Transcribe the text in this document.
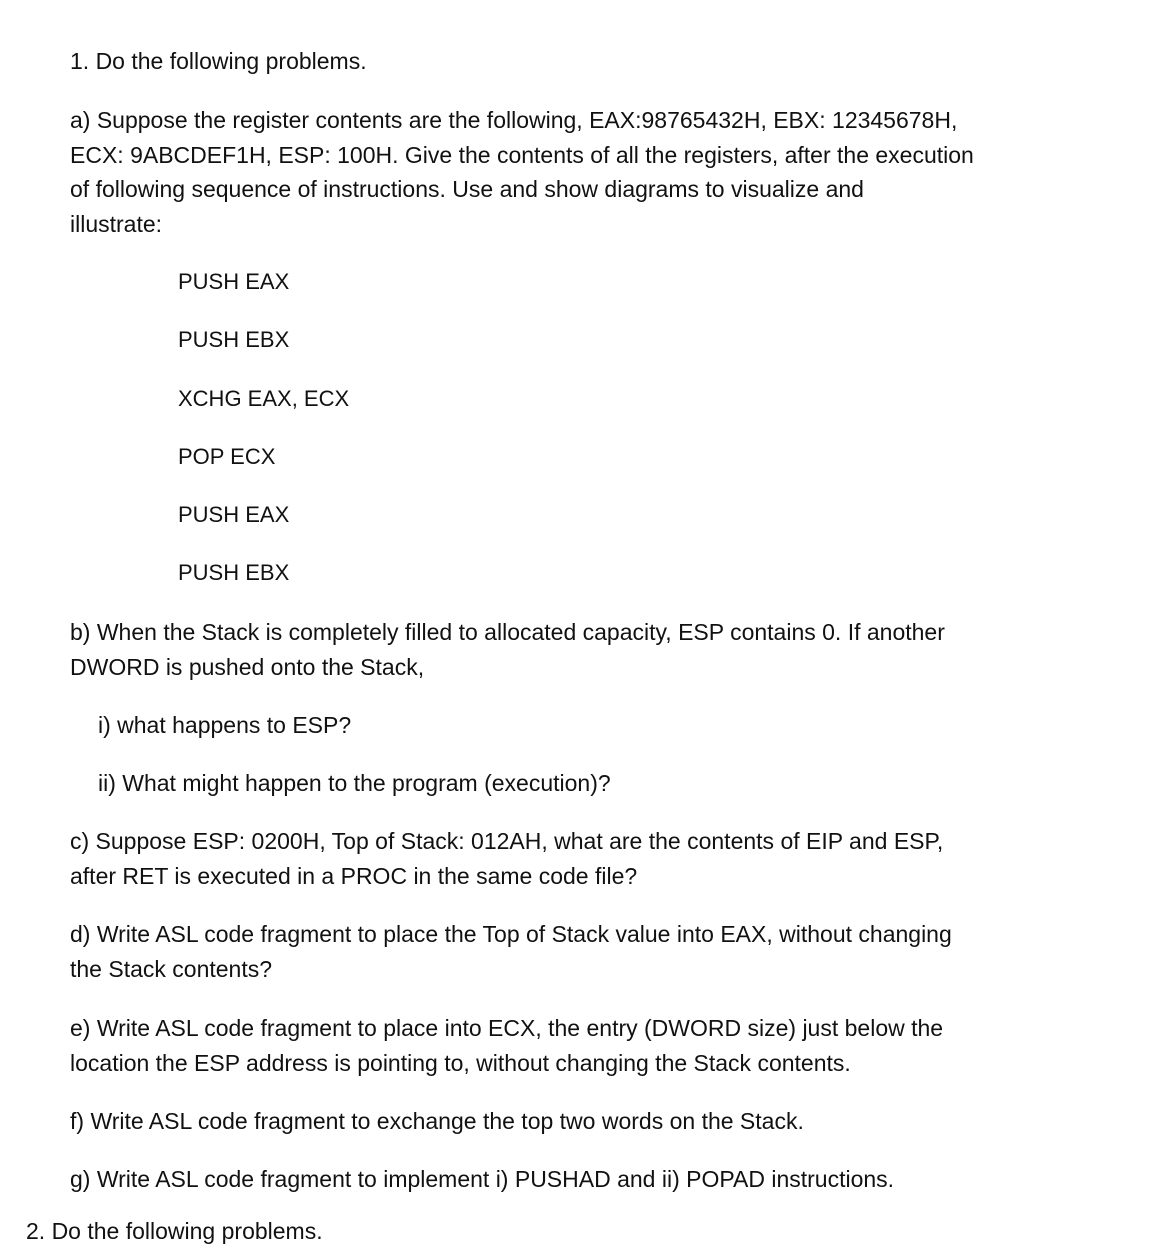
1. Do the following problems.
a) Suppose the register contents are the following, EAX:98765432H, EBX: 12345678H,
ECX: 9ABCDEF1H, ESP: 100H. Give the contents of all the registers, after the execution
of following sequence of instructions. Use and show diagrams to visualize and
illustrate:
PUSH EAX
PUSH EBX
XCHG EAX, ECX
POP ECX
PUSH EAX
PUSH EBX
b) When the Stack is completely filled to allocated capacity, ESP contains 0. If another
DWORD is pushed onto the Stack,
i) what happens to ESP?
ii) What might happen to the program (execution)?
c) Suppose ESP: 0200H, Top of Stack: 012AH, what are the contents of EIP and ESP,
after RET is executed in a PROC in the same code file?
d) Write ASL code fragment to place the Top of Stack value into EAX, without changing
the Stack contents?
e) Write ASL code fragment to place into ECX, the entry (DWORD size) just below the
location the ESP address is pointing to, without changing the Stack contents.
f) Write ASL code fragment to exchange the top two words on the Stack.
g) Write ASL code fragment to implement i) PUSHAD and ii) POPAD instructions.
2. Do the following problems.
